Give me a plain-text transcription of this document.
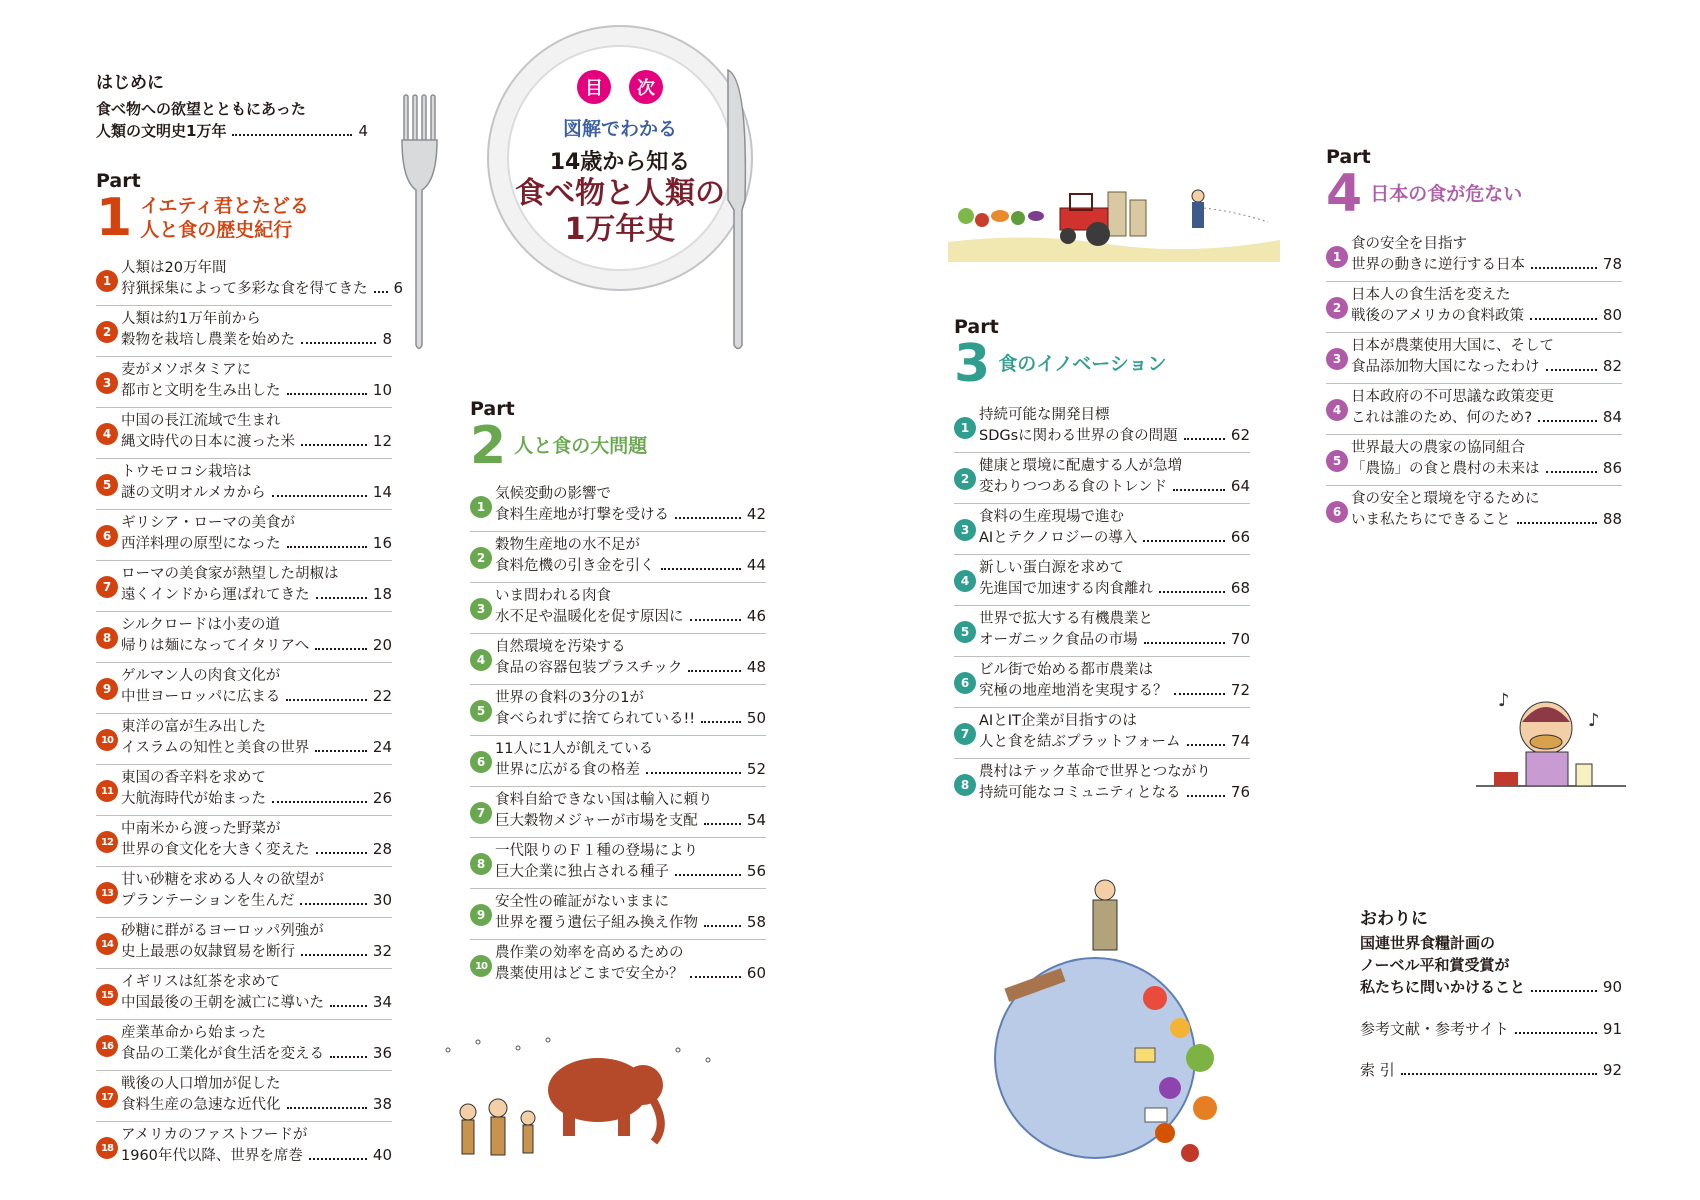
はじめに
食べ物への欲望とともにあった
人類の文明史1万年	4
目	次
図解でわかる
14歳から知る
食べ物と人類の
1万年史
Part
1 イエティ君とたどる
人と食の歴史紀行
1
人類は20万年間
狩猟採集によって多彩な食を得てきた 6
2
人類は約1万年前から
穀物を栽培し農業を始めた	8
3
麦がメソポタミアに
都市と文明を生み出した	10
4
中国の長江流域で生まれ
縄文時代の日本に渡った米	12
5
トウモロコシ栽培は
謎の文明オルメカから	14
6
ギリシア・ローマの美食が
西洋料理の原型になった	16
7
ローマの美食家が熱望した胡椒は
遠くインドから運ばれてきた	18
8
シルクロードは小麦の道
帰りは麺になってイタリアへ	20
9
ゲルマン人の肉食文化が
中世ヨーロッパに広まる	22
10
東洋の富が生み出した
イスラムの知性と美食の世界	24
11
東国の香辛料を求めて
大航海時代が始まった	26
12
中南米から渡った野菜が
世界の食文化を大きく変えた	28
13
甘い砂糖を求める人々の欲望が
プランテーションを生んだ	30
14
砂糖に群がるヨーロッパ列強が
史上最悪の奴隷貿易を断行	32
15
イギリスは紅茶を求めて
中国最後の王朝を滅亡に導いた	34
16
産業革命から始まった
食品の工業化が食生活を変える	36
17
戦後の人口増加が促した
食料生産の急速な近代化	38
18
アメリカのファストフードが
1960年代以降、世界を席巻	40
Part
2 人と食の大問題
1
気候変動の影響で
食料生産地が打撃を受ける	42
2
穀物生産地の水不足が
食料危機の引き金を引く	44
3
いま問われる肉食
水不足や温暖化を促す原因に	46
4
自然環境を汚染する
食品の容器包装プラスチック	48
5
世界の食料の3分の1が
食べられずに捨てられている!!	50
6
11人に1人が飢えている
世界に広がる食の格差	52
7
食料自給できない国は輸入に頼り
巨大穀物メジャーが市場を支配	54
8
一代限りのＦ１種の登場により
巨大企業に独占される種子	56
9
安全性の確証がないままに
世界を覆う遺伝子組み換え作物	58
10
農作業の効率を高めるための
農薬使用はどこまで安全か？	60
Part
3 食のイノベーション
1
持続可能な開発目標
SDGsに関わる世界の食の問題	62
2
健康と環境に配慮する人が急増
変わりつつある食のトレンド	64
3
食料の生産現場で進む
AIとテクノロジーの導入	66
4
新しい蛋白源を求めて
先進国で加速する肉食離れ	68
5
世界で拡大する有機農業と
オーガニック食品の市場	70
6
ビル街で始める都市農業は
究極の地産地消を実現する？	72
7
AIとIT企業が目指すのは
人と食を結ぶプラットフォーム	74
8
農村はテック革命で世界とつながり
持続可能なコミュニティとなる	76
Part
4 日本の食が危ない
1
食の安全を目指す
世界の動きに逆行する日本	78
2
日本人の食生活を変えた
戦後のアメリカの食料政策	80
3
日本が農薬使用大国に、そして
食品添加物大国になったわけ	82
4
日本政府の不可思議な政策変更
これは誰のため、何のため?	84
5
世界最大の農家の協同組合
「農協」の食と農村の未来は	86
6
食の安全と環境を守るために
いま私たちにできること	88
おわりに
国連世界食糧計画の
ノーベル平和賞受賞が
私たちに問いかけること	90
参考文献・参考サイト	91
索 引	92
♪
♪
